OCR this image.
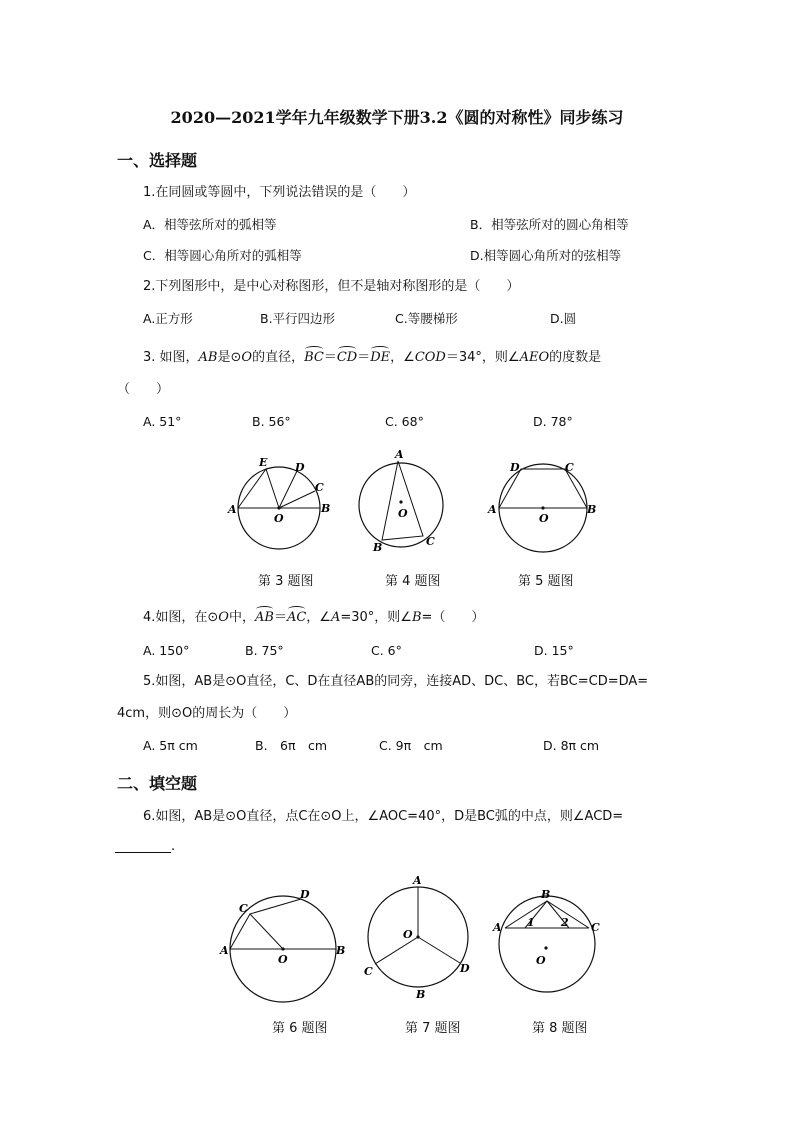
2020—2021学年九年级数学下册3.2《圆的对称性》同步练习
一、选择题
1.在同圆或等圆中，下列说法错误的是（　　）
A．相等弦所对的弧相等	B．相等弦所对的圆心角相等
C．相等圆心角所对的弧相等	D.相等圆心角所对的弦相等
2.下列图形中，是中心对称图形，但不是轴对称图形的是（　　）
A.正方形	B.平行四边形	C.等腰梯形	D.圆
3. 如图，AB是⊙O的直径，BC＝CD＝DE，∠COD＝34°，则∠AEO的度数是
（　　）
A. 51°	B. 56°	C. 68°	D. 78°
E	D
C
A
O
B
A
O
B	C
D	C
A
O
B
第 3 题图	第 4 题图	第 5 题图
4.如图，在⊙O中，AB＝AC，∠A=30°，则∠B=（　　）
A. 150°	B. 75°	C. 6°	D. 15°
5.如图，AB是⊙O直径，C、D在直径AB的同旁，连接AD、DC、BC，若BC=CD=DA=
4cm，则⊙O的周长为（　　）
A. 5π cm	B.　6π　cm	C. 9π　cm	D. 8π cm
二、填空题
6.如图，AB是⊙O直径，点C在⊙O上，∠AOC=40°，D是BC弧的中点，则∠ACD=
.
C
D
A
O
B
A
O
C	D
B
B
A 1 2 C
O
第 6 题图	第 7 题图	第 8 题图
